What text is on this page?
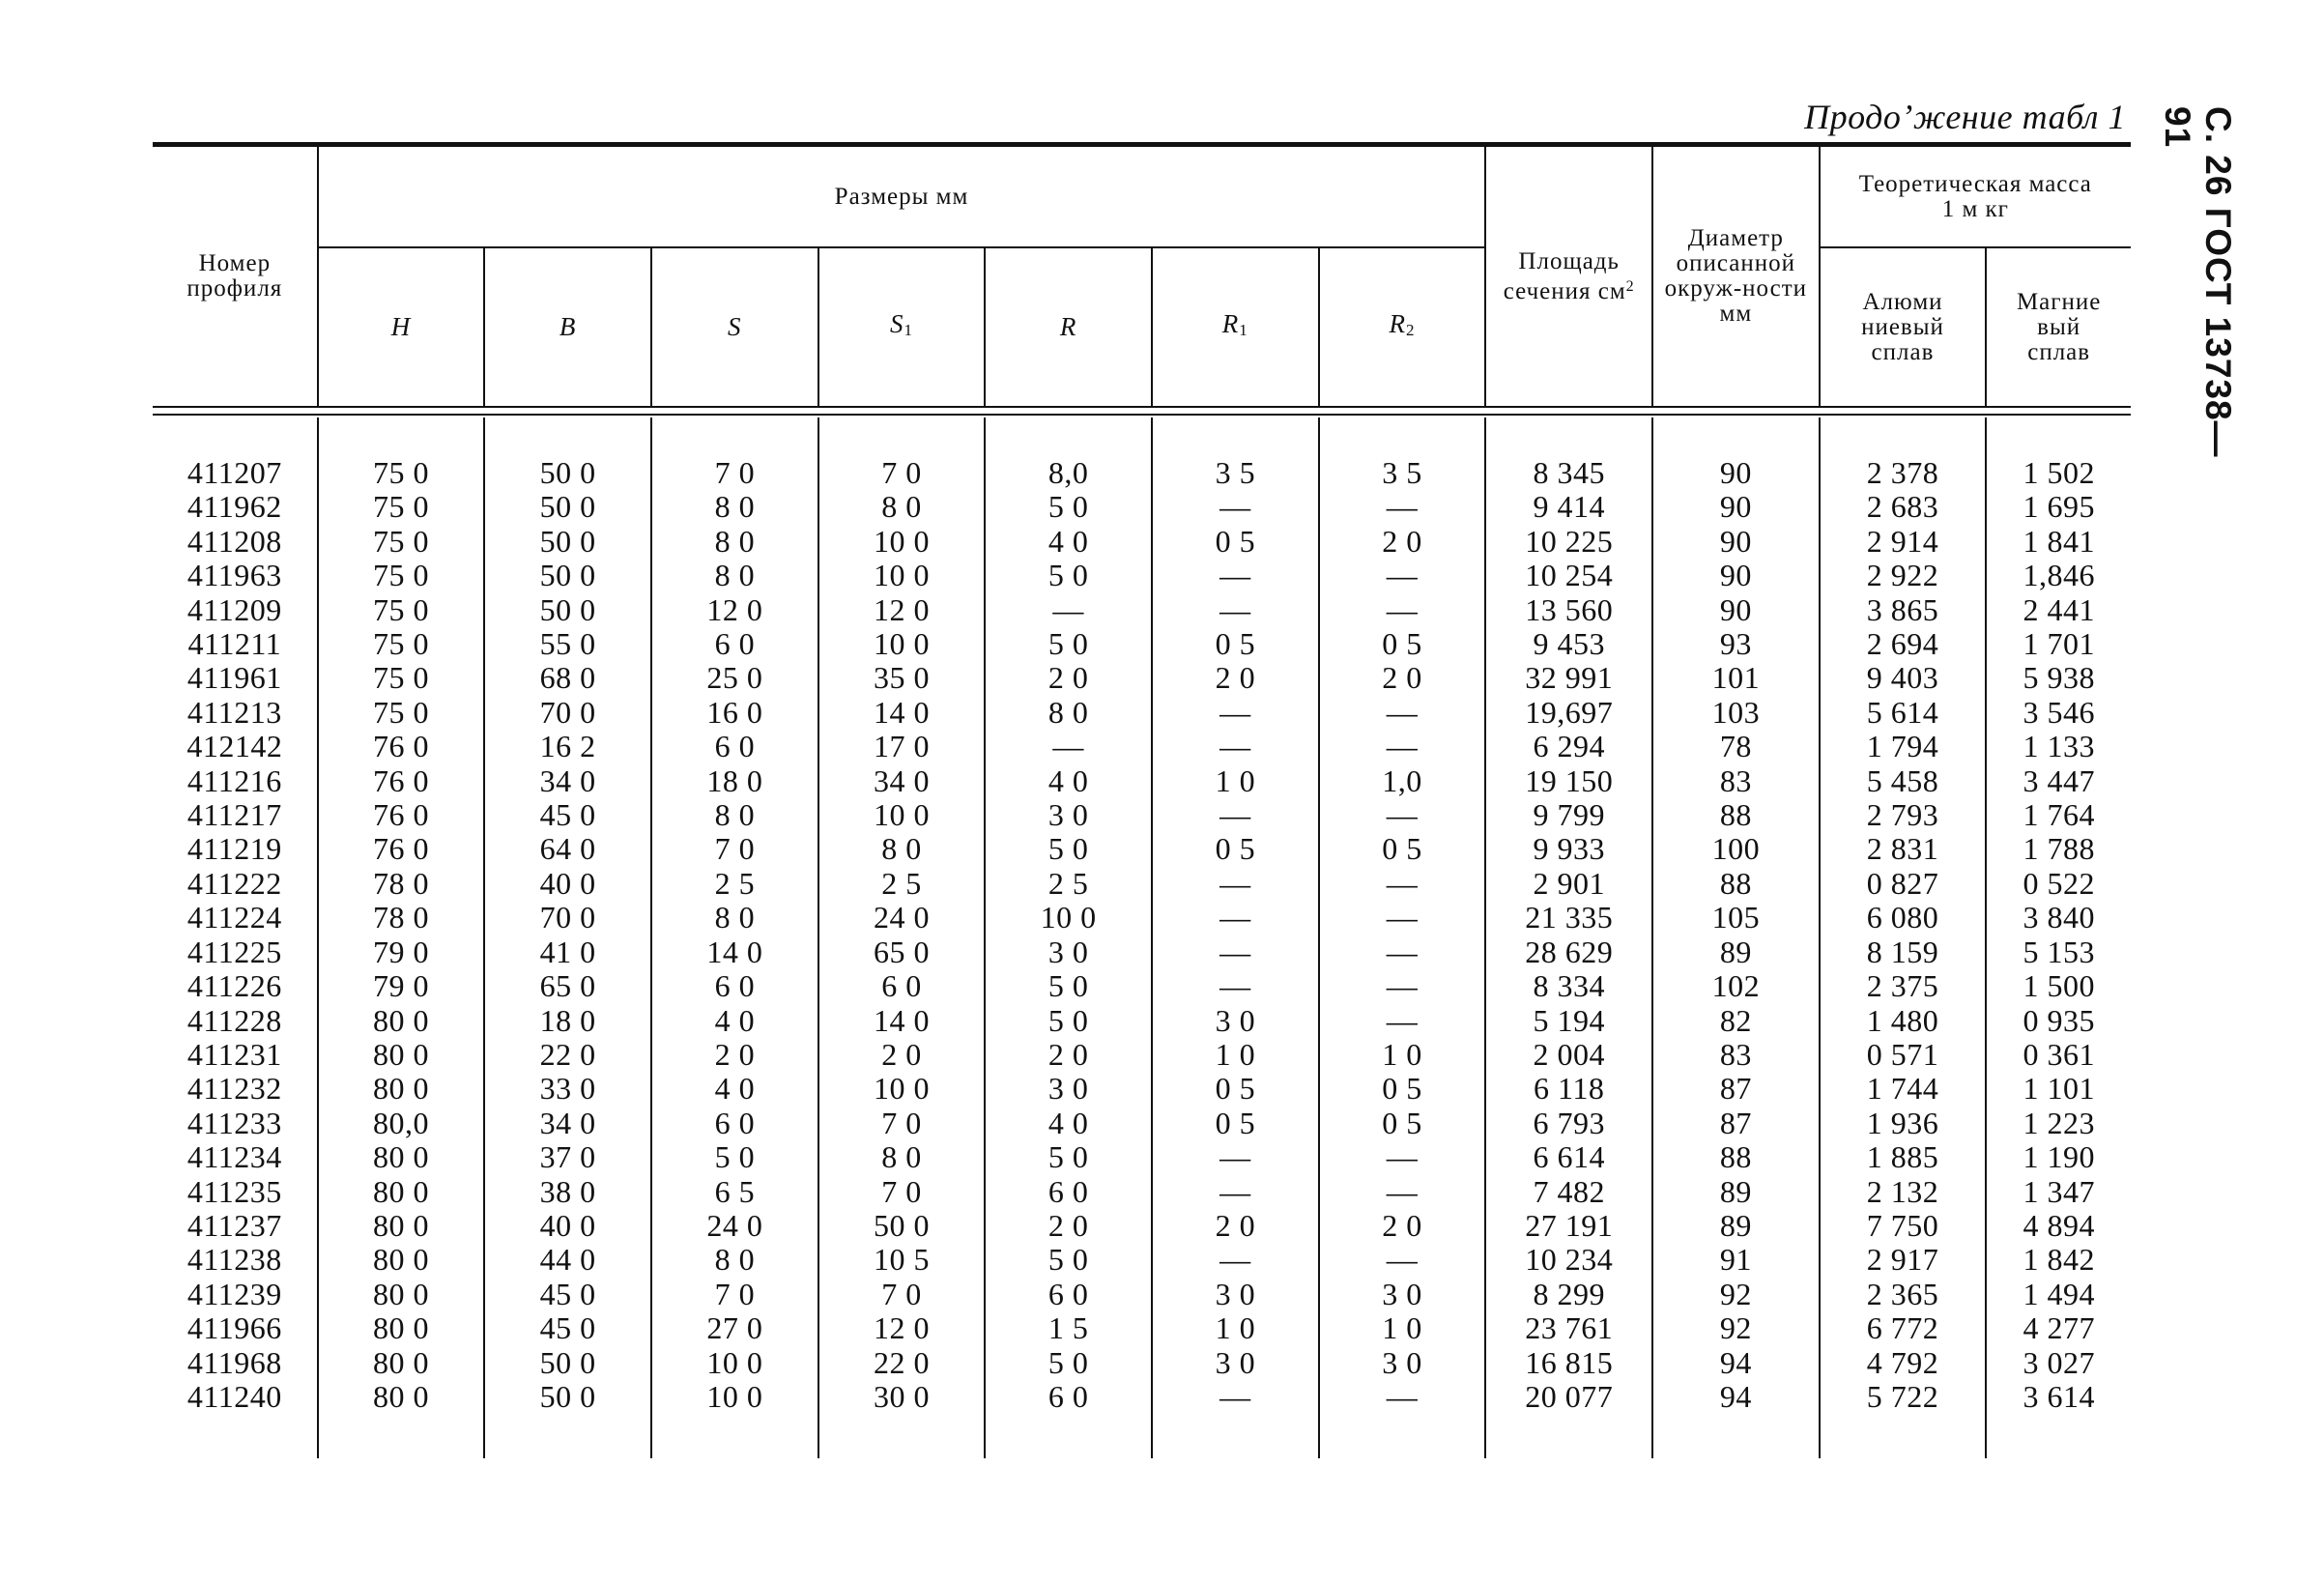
Продоʼжение табл 1	С. 26 ГОСТ 13738—91
Номер профиля	Размеры мм							Площадь сечения $см^2$	Диаметр описанной окруж-ности мм	Теоретическая масса 1 м кг	
	H	B	S	S1	R	R1	R2			Алюми ниевый сплав	Магние вый сплав
411207	75 0	50 0	7 0	7 0	8,0	3 5	3 5	8 345	90	2 378	1 502
411962	75 0	50 0	8 0	8 0	5 0	—	—	9 414	90	2 683	1 695
411208	75 0	50 0	8 0	10 0	4 0	0 5	2 0	10 225	90	2 914	1 841
411963	75 0	50 0	8 0	10 0	5 0	—	—	10 254	90	2 922	1,846
411209	75 0	50 0	12 0	12 0	—	—	—	13 560	90	3 865	2 441
411211	75 0	55 0	6 0	10 0	5 0	0 5	0 5	9 453	93	2 694	1 701
411961	75 0	68 0	25 0	35 0	2 0	2 0	2 0	32 991	101	9 403	5 938
411213	75 0	70 0	16 0	14 0	8 0	—	—	19,697	103	5 614	3 546
412142	76 0	16 2	6 0	17 0	—	—	—	6 294	78	1 794	1 133
411216	76 0	34 0	18 0	34 0	4 0	1 0	1,0	19 150	83	5 458	3 447
411217	76 0	45 0	8 0	10 0	3 0	—	—	9 799	88	2 793	1 764
411219	76 0	64 0	7 0	8 0	5 0	0 5	0 5	9 933	100	2 831	1 788
411222	78 0	40 0	2 5	2 5	2 5	—	—	2 901	88	0 827	0 522
411224	78 0	70 0	8 0	24 0	10 0	—	—	21 335	105	6 080	3 840
411225	79 0	41 0	14 0	65 0	3 0	—	—	28 629	89	8 159	5 153
411226	79 0	65 0	6 0	6 0	5 0	—	—	8 334	102	2 375	1 500
411228	80 0	18 0	4 0	14 0	5 0	3 0	—	5 194	82	1 480	0 935
411231	80 0	22 0	2 0	2 0	2 0	1 0	1 0	2 004	83	0 571	0 361
411232	80 0	33 0	4 0	10 0	3 0	0 5	0 5	6 118	87	1 744	1 101
411233	80,0	34 0	6 0	7 0	4 0	0 5	0 5	6 793	87	1 936	1 223
411234	80 0	37 0	5 0	8 0	5 0	—	—	6 614	88	1 885	1 190
411235	80 0	38 0	6 5	7 0	6 0	—	—	7 482	89	2 132	1 347
411237	80 0	40 0	24 0	50 0	2 0	2 0	2 0	27 191	89	7 750	4 894
411238	80 0	44 0	8 0	10 5	5 0	—	—	10 234	91	2 917	1 842
411239	80 0	45 0	7 0	7 0	6 0	3 0	3 0	8 299	92	2 365	1 494
411966	80 0	45 0	27 0	12 0	1 5	1 0	1 0	23 761	92	6 772	4 277
411968	80 0	50 0	10 0	22 0	5 0	3 0	3 0	16 815	94	4 792	3 027
411240	80 0	50 0	10 0	30 0	6 0	—	—	20 077	94	5 722	3 614
